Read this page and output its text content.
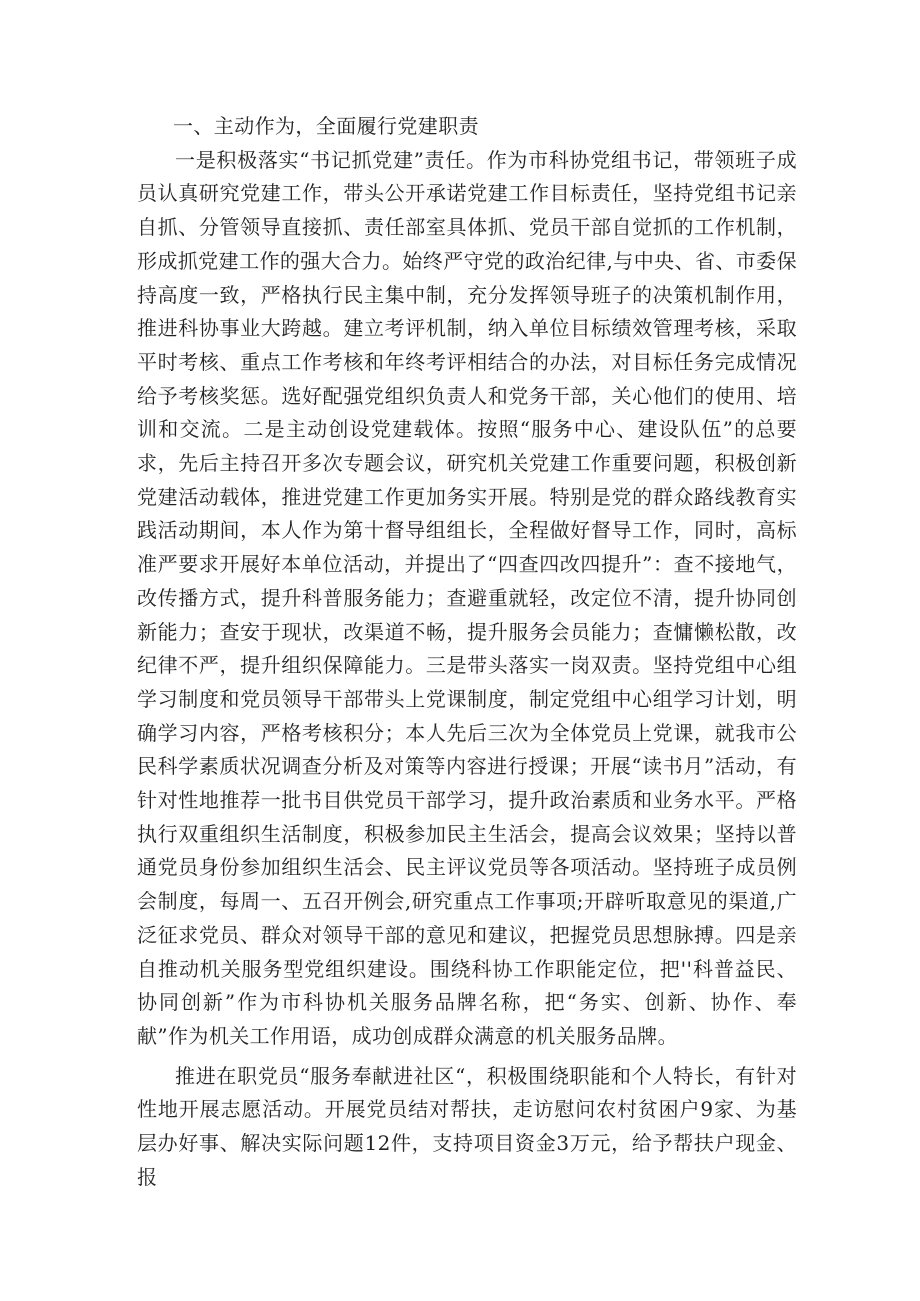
一、主动作为，全面履行党建职责

一是积极落实“书记抓党建”责任。作为市科协党组书记，带领班子成员认真研究党建工作，带头公开承诺党建工作目标责任，坚持党组书记亲自抓、分管领导直接抓、责任部室具体抓、党员干部自觉抓的工作机制，形成抓党建工作的强大合力。始终严守党的政治纪律,与中央、省、市委保持高度一致，严格执行民主集中制，充分发挥领导班子的决策机制作用，推进科协事业大跨越。建立考评机制，纳入单位目标绩效管理考核，采取平时考核、重点工作考核和年终考评相结合的办法，对目标任务完成情况给予考核奖惩。选好配强党组织负责人和党务干部，关心他们的使用、培训和交流。二是主动创设党建载体。按照“服务中心、建设队伍”的总要求，先后主持召开多次专题会议，研究机关党建工作重要问题，积极创新党建活动载体，推进党建工作更加务实开展。特别是党的群众路线教育实践活动期间，本人作为第十督导组组长，全程做好督导工作，同时，高标准严要求开展好本单位活动，并提出了“四查四改四提升”：查不接地气，改传播方式，提升科普服务能力；查避重就轻，改定位不清，提升协同创新能力；查安于现状，改渠道不畅，提升服务会员能力；查慵懒松散，改纪律不严，提升组织保障能力。三是带头落实一岗双责。坚持党组中心组学习制度和党员领导干部带头上党课制度，制定党组中心组学习计划，明确学习内容，严格考核积分；本人先后三次为全体党员上党课，就我市公民科学素质状况调查分析及对策等内容进行授课；开展“读书月”活动，有针对性地推荐一批书目供党员干部学习，提升政治素质和业务水平。严格执行双重组织生活制度，积极参加民主生活会，提高会议效果；坚持以普通党员身份参加组织生活会、民主评议党员等各项活动。坚持班子成员例会制度，每周一、五召开例会,研究重点工作事项;开辟听取意见的渠道,广泛征求党员、群众对领导干部的意见和建议，把握党员思想脉搏。四是亲自推动机关服务型党组织建设。围绕科协工作职能定位，把''科普益民、协同创新”作为市科协机关服务品牌名称，把“务实、创新、协作、奉献”作为机关工作用语，成功创成群众满意的机关服务品牌。

推进在职党员“服务奉献进社区“，积极围绕职能和个人特长，有针对性地开展志愿活动。开展党员结对帮扶，走访慰问农村贫困户9家、为基层办好事、解决实际问题12件，支持项目资金3万元，给予帮扶户现金、报
